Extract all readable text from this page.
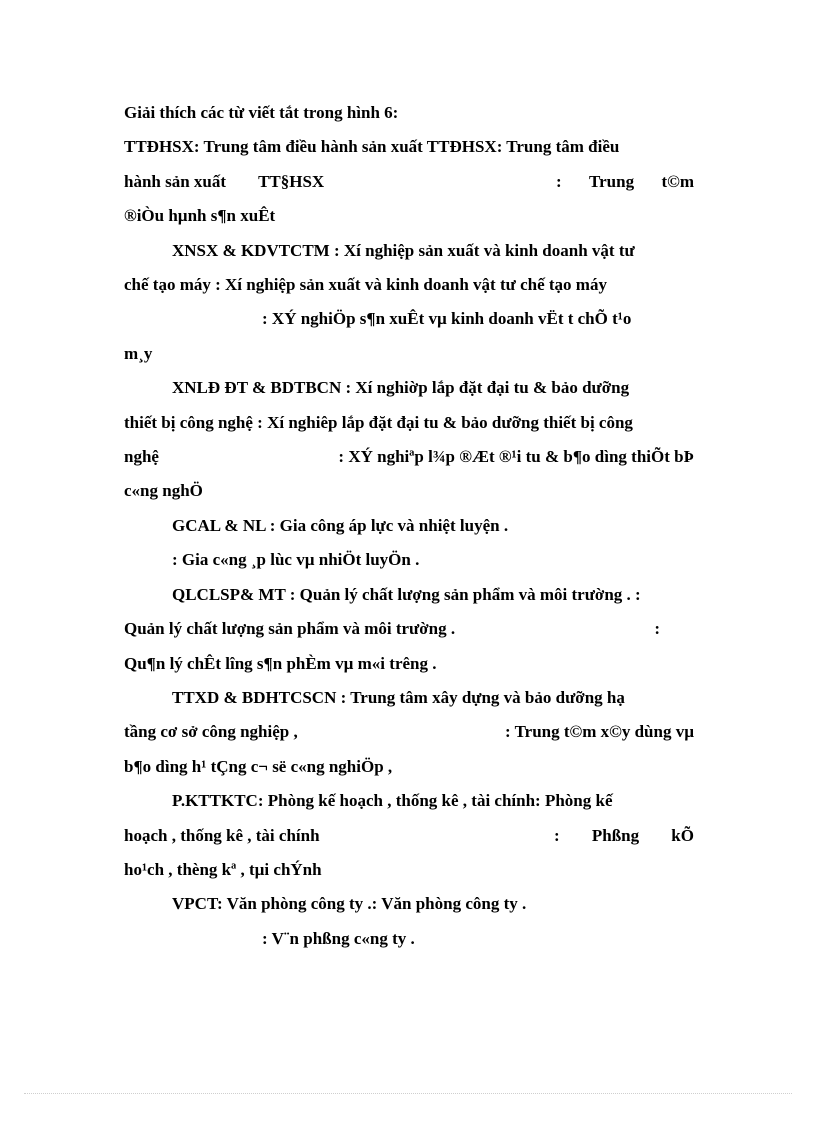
Giải thích các từ viết tắt trong hình 6:

TTĐHSX: Trung tâm điều hành sản xuất TTĐHSX: Trung tâm điều

hành sản xuất TT§HSX	: Trung t©m

®iÒu hµnh s¶n xuÊt

XNSX & KDVTCTM : Xí nghiệp sản xuất và kinh doanh vật tư

chế tạo máy : Xí nghiệp sản xuất và kinh doanh vật tư chế tạo máy

: XÝ nghiÖp s¶n xuÊt vµ kinh doanh vËt t chÕ t¹o

m¸y

XNLĐ ĐT & BDTBCN : Xí nghiờp lắp đặt đại tu & bảo dưỡng

thiết bị công nghệ : Xí nghiêp lắp đặt đại tu & bảo dưỡng thiết bị công

nghệ	: XÝ nghiªp l¾p ®Æt ®¹i tu & b¶o dìng thiÕt bÞ

c«ng nghÖ

GCAL & NL : Gia công áp lực và nhiệt luyện .

: Gia c«ng ¸p lùc vµ nhiÖt luyÖn .

QLCLSP& MT : Quản lý chất lượng sản phẩm và môi trường . :

Quản lý chất lượng sản phẩm và môi trường .	:

Qu¶n lý chÊt lîng s¶n phÈm vµ m«i trêng .

TTXD & BDHTCSCN : Trung tâm xây dựng và bảo dưỡng hạ

tầng cơ sở công nghiệp ,	: Trung t©m x©y dùng vµ

b¶o dìng h¹ tÇng c¬ së c«ng nghiÖp ,

P.KTTKTC: Phòng kế hoạch , thống kê , tài chính: Phòng kế

hoạch , thống kê , tài chính	: Phßng kÕ

ho¹ch , thèng kª , tµi chÝnh

VPCT: Văn phòng công ty .: Văn phòng công ty .

: V¨n phßng c«ng ty .
